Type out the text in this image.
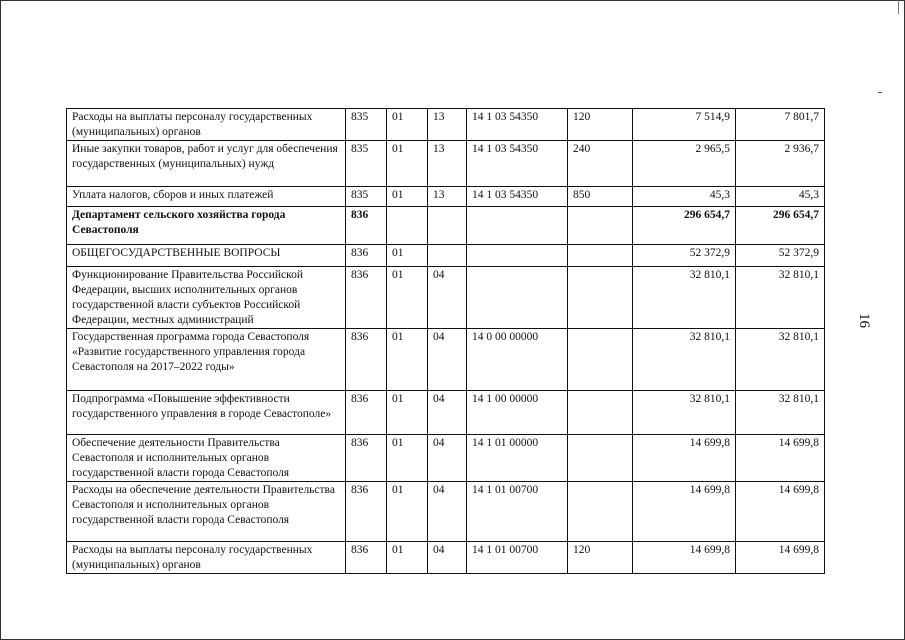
Расходы на выплаты персоналу государственных (муниципальных) органов	835	01	13	14 1 03 54350	120	7 514,9	7 801,7
Иные закупки товаров, работ и услуг для обеспечения государственных (муниципальных) нужд	835	01	13	14 1 03 54350	240	2 965,5	2 936,7
Уплата налогов, сборов и иных платежей	835	01	13	14 1 03 54350	850	45,3	45,3
Департамент сельского хозяйства города Севастополя	836					296 654,7	296 654,7
ОБЩЕГОСУДАРСТВЕННЫЕ ВОПРОСЫ	836	01				52 372,9	52 372,9
Функционирование Правительства Российской Федерации, высших исполнительных органов государственной власти субъектов Российской Федерации, местных администраций	836	01	04			32 810,1	32 810,1
Государственная программа города Севастополя «Развитие государственного управления города Севастополя на 2017–2022 годы»	836	01	04	14 0 00 00000		32 810,1	32 810,1
Подпрограмма «Повышение эффективности государственного управления в городе Севастополе»	836	01	04	14 1 00 00000		32 810,1	32 810,1
Обеспечение деятельности Правительства Севастополя и исполнительных органов государственной власти города Севастополя	836	01	04	14 1 01 00000		14 699,8	14 699,8
Расходы на обеспечение деятельности Правительства Севастополя и исполнительных органов государственной власти города Севастополя	836	01	04	14 1 01 00700		14 699,8	14 699,8
Расходы на выплаты персоналу государственных (муниципальных) органов	836	01	04	14 1 01 00700	120	14 699,8	14 699,8
16
